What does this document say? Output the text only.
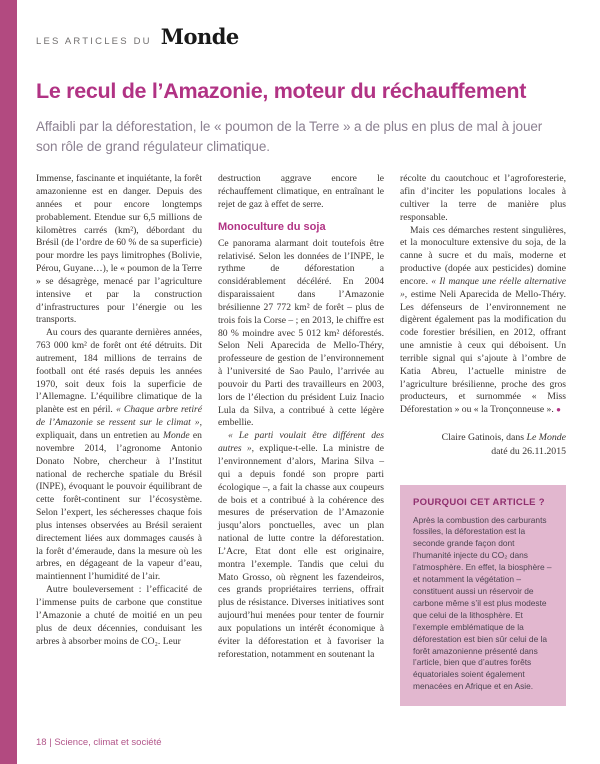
LES ARTICLES DU Monde
Le recul de l’Amazonie, moteur du réchauffement

Affaibli par la déforestation, le « poumon de la Terre » a de plus en plus de mal à jouer son rôle de grand régulateur climatique.

Immense, fascinante et inquiétante, la forêt amazonienne est en danger. Depuis des années et pour encore longtemps probablement. Etendue sur 6,5 millions de kilomètres carrés (km²), débordant du Brésil (de l’ordre de 60 % de sa superficie) pour mordre les pays limitrophes (Bolivie, Pérou, Guyane…), le « poumon de la Terre » se désagrège, menacé par l’agriculture intensive et par la construction d’infrastructures pour l’énergie ou les transports.

Au cours des quarante dernières années, 763 000 km² de forêt ont été détruits. Dit autrement, 184 millions de terrains de football ont été rasés depuis les années 1970, soit deux fois la superficie de l’Allemagne. L’équilibre climatique de la planète est en péril. « Chaque arbre retiré de l’Amazonie se ressent sur le climat », expliquait, dans un entretien au Monde en novembre 2014, l’agronome Antonio Donato Nobre, chercheur à l’Institut national de recherche spatiale du Brésil (INPE), évoquant le pouvoir équilibrant de cette forêt-continent sur l’écosystème. Selon l’expert, les sécheresses chaque fois plus intenses observées au Brésil seraient directement liées aux dommages causés à la forêt d’émeraude, dans la mesure où les arbres, en dégageant de la vapeur d’eau, maintiennent l’humidité de l’air.

Autre bouleversement : l’efficacité de l’immense puits de carbone que constitue l’Amazonie a chuté de moitié en un peu plus de deux décennies, conduisant les arbres à absorber moins de CO₂. Leur

destruction aggrave encore le réchauffement climatique, en entraînant le rejet de gaz à effet de serre.

Monoculture du soja

Ce panorama alarmant doit toutefois être relativisé. Selon les données de l’INPE, le rythme de déforestation a considérablement décéléré. En 2004 disparaissaient dans l’Amazonie brésilienne 27 772 km² de forêt – plus de trois fois la Corse – ; en 2013, le chiffre est 80 % moindre avec 5 012 km² déforestés. Selon Neli Aparecida de Mello-Théry, professeure de gestion de l’environnement à l’université de Sao Paulo, l’arrivée au pouvoir du Parti des travailleurs en 2003, lors de l’élection du président Luiz Inacio Lula da Silva, a contribué à cette légère embellie.

« Le parti voulait être différent des autres », explique-t-elle. La ministre de l’environnement d’alors, Marina Silva – qui a depuis fondé son propre parti écologique –, a fait la chasse aux coupeurs de bois et a contribué à la cohérence des mesures de préservation de l’Amazonie jusqu’alors ponctuelles, avec un plan national de lutte contre la déforestation. L’Acre, Etat dont elle est originaire, montra l’exemple. Tandis que celui du Mato Grosso, où règnent les fazendeiros, ces grands propriétaires terriens, offrait plus de résistance. Diverses initiatives sont aujourd’hui menées pour tenter de fournir aux populations un intérêt économique à éviter la déforestation et à favoriser la reforestation, notamment en soutenant la

récolte du caoutchouc et l’agroforesterie, afin d’inciter les populations locales à cultiver la terre de manière plus responsable.

Mais ces démarches restent singulières, et la monoculture extensive du soja, de la canne à sucre et du maïs, moderne et productive (dopée aux pesticides) domine encore. « Il manque une réelle alternative », estime Neli Aparecida de Mello-Théry. Les défenseurs de l’environnement ne digèrent également pas la modification du code forestier brésilien, en 2012, offrant une amnistie à ceux qui déboisent. Un terrible signal qui s’ajoute à l’ombre de Katia Abreu, l’actuelle ministre de l’agriculture brésilienne, proche des gros producteurs, et surnommée « Miss Déforestation » ou « la Tronçonneuse ». ●

Claire Gatinois, dans Le Monde
daté du 26.11.2015
POURQUOI CET ARTICLE ?

Après la combustion des carburants fossiles, la déforestation est la seconde grande façon dont l’humanité injecte du CO₂ dans l’atmosphère. En effet, la biosphère – et notamment la végétation – constituent aussi un réservoir de carbone même s’il est plus modeste que celui de la lithosphère. Et l’exemple emblématique de la déforestation est bien sûr celui de la forêt amazonienne présenté dans l’article, bien que d’autres forêts équatoriales soient également menacées en Afrique et en Asie.

18 | Science, climat et société
